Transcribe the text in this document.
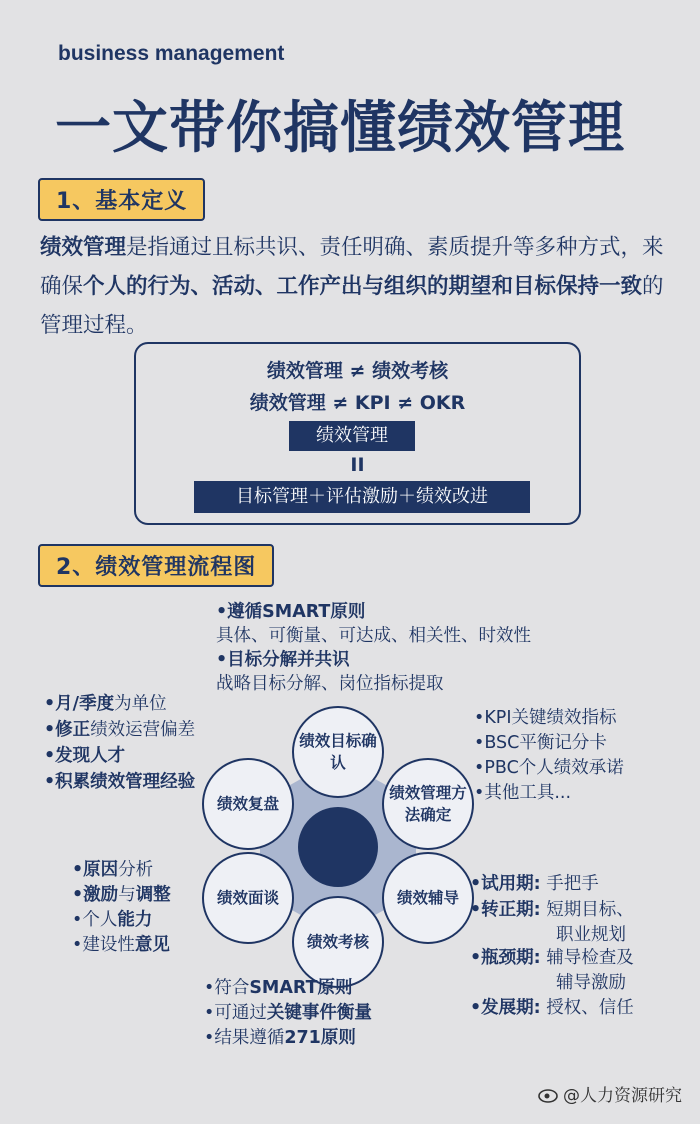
business management
一文带你搞懂绩效管理
1、基本定义
绩效管理是指通过且标共识、责任明确、素质提升等多种方式，来确保个人的行为、活动、工作产出与组织的期望和目标保持一致的管理过程。
绩效管理 ≠ 绩效考核
绩效管理 ≠ KPI ≠ OKR
绩效管理
II
目标管理＋评估激励＋绩效改进
2、绩效管理流程图
绩效目标确认
绩效管理方法确定
绩效辅导
绩效考核
绩效面谈
绩效复盘
•遵循SMART原则
具体、可衡量、可达成、相关性、时效性
•目标分解并共识
战略目标分解、岗位指标提取
•月/季度为单位
•修正绩效运营偏差
•发现人才
•积累绩效管理经验
•KPI关键绩效指标
•BSC平衡记分卡
•PBC个人绩效承诺
•其他工具...
•原因分析
•激励与调整
•个人能力
•建设性意见
•试用期: 手把手
•转正期: 短期目标、
职业规划
•瓶颈期: 辅导检查及
辅导激励
•发展期: 授权、信任
•符合SMART原则
•可通过关键事件衡量
•结果遵循271原则
@人力资源研究
